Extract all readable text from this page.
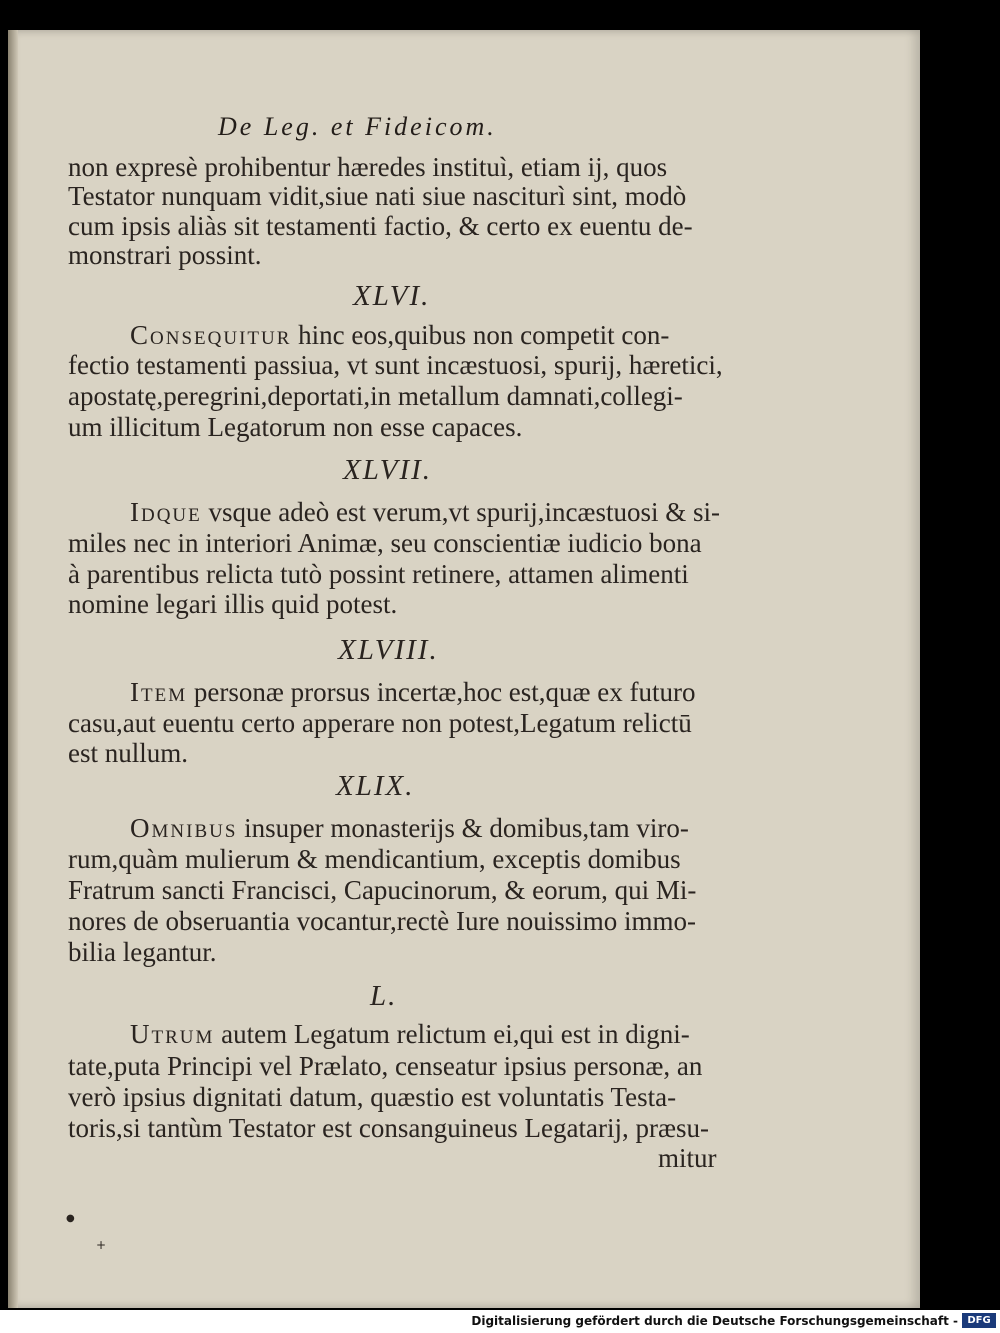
De Leg. et Fideicom.
non expresè prohibentur hæredes instituì, etiam ij, quos
Testator nunquam vidit,siue nati siue nasciturì sint, modò
cum ipsis aliàs sit testamenti factio, & certo ex euentu de-
monstrari possint.
XLVI.
Consequitur hinc eos,quibus non competit con-
fectio testamenti passiua, vt sunt incæstuosi, spurij, hæretici,
apostatę,peregrini,deportati,in metallum damnati,collegi-
um illicitum Legatorum non esse capaces.
XLVII.
Idque vsque adeò est verum,vt spurij,incæstuosi & si-
miles nec in interiori Animæ, seu conscientiæ iudicio bona
à parentibus relicta tutò possint retinere, attamen alimenti
nomine legari illis quid potest.
XLVIII.
Item personæ prorsus incertæ,hoc est,quæ ex futuro
casu,aut euentu certo apperare non potest,Legatum relictū
est nullum.
XLIX.
Omnibus insuper monasterijs & domibus,tam viro-
rum,quàm mulierum & mendicantium, exceptis domibus
Fratrum sancti Francisci, Capucinorum, & eorum, qui Mi-
nores de obseruantia vocantur,rectè Iure nouissimo immo-
bilia legantur.
L.
Utrum autem Legatum relictum ei,qui est in digni-
tate,puta Principi vel Prælato, censeatur ipsius personæ, an
verò ipsius dignitati datum, quæstio est voluntatis Testa-
toris,si tantùm Testator est consanguineus Legatarij, præsu-
mitur
●
+
Digitalisierung gefördert durch die Deutsche Forschungsgemeinschaft - DFG
